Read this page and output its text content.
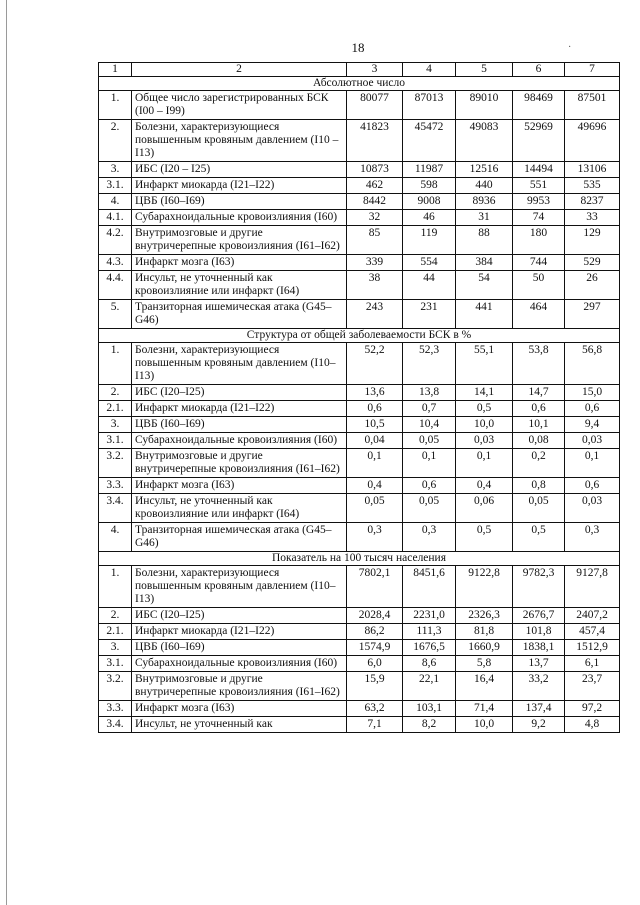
·
18
1	2	3	4	5	6	7
Абсолютное число						
1.	Общее число зарегистрированных БСК (I00 – I99)	80077	87013	89010	98469	87501
2.	Болезни, характеризующиеся повышенным кровяным давлением (I10 – I13)	41823	45472	49083	52969	49696
3.	ИБС (I20 – I25)	10873	11987	12516	14494	13106
3.1.	Инфаркт миокарда (I21–I22)	462	598	440	551	535
4.	ЦВБ (I60–I69)	8442	9008	8936	9953	8237
4.1.	Субарахноидальные кровоизлияния (I60)	32	46	31	74	33
4.2.	Внутримозговые и другие внутричерепные кровоизлияния (I61–I62)	85	119	88	180	129
4.3.	Инфаркт мозга (I63)	339	554	384	744	529
4.4.	Инсульт, не уточненный как кровоизлияние или инфаркт (I64)	38	44	54	50	26
5.	Транзиторная ишемическая атака (G45–G46)	243	231	441	464	297
Структура от общей заболеваемости БСК в %						
1.	Болезни, характеризующиеся повышенным кровяным давлением (I10–I13)	52,2	52,3	55,1	53,8	56,8
2.	ИБС (I20–I25)	13,6	13,8	14,1	14,7	15,0
2.1.	Инфаркт миокарда (I21–I22)	0,6	0,7	0,5	0,6	0,6
3.	ЦВБ (I60–I69)	10,5	10,4	10,0	10,1	9,4
3.1.	Субарахноидальные кровоизлияния (I60)	0,04	0,05	0,03	0,08	0,03
3.2.	Внутримозговые и другие внутричерепные кровоизлияния (I61–I62)	0,1	0,1	0,1	0,2	0,1
3.3.	Инфаркт мозга (I63)	0,4	0,6	0,4	0,8	0,6
3.4.	Инсульт, не уточненный как кровоизлияние или инфаркт (I64)	0,05	0,05	0,06	0,05	0,03
4.	Транзиторная ишемическая атака (G45–G46)	0,3	0,3	0,5	0,5	0,3
Показатель на 100 тысяч населения						
1.	Болезни, характеризующиеся повышенным кровяным давлением (I10–I13)	7802,1	8451,6	9122,8	9782,3	9127,8
2.	ИБС (I20–I25)	2028,4	2231,0	2326,3	2676,7	2407,2
2.1.	Инфаркт миокарда (I21–I22)	86,2	111,3	81,8	101,8	457,4
3.	ЦВБ (I60–I69)	1574,9	1676,5	1660,9	1838,1	1512,9
3.1.	Субарахноидальные кровоизлияния (I60)	6,0	8,6	5,8	13,7	6,1
3.2.	Внутримозговые и другие внутричерепные кровоизлияния (I61–I62)	15,9	22,1	16,4	33,2	23,7
3.3.	Инфаркт мозга (I63)	63,2	103,1	71,4	137,4	97,2
3.4.	Инсульт, не уточненный как	7,1	8,2	10,0	9,2	4,8
